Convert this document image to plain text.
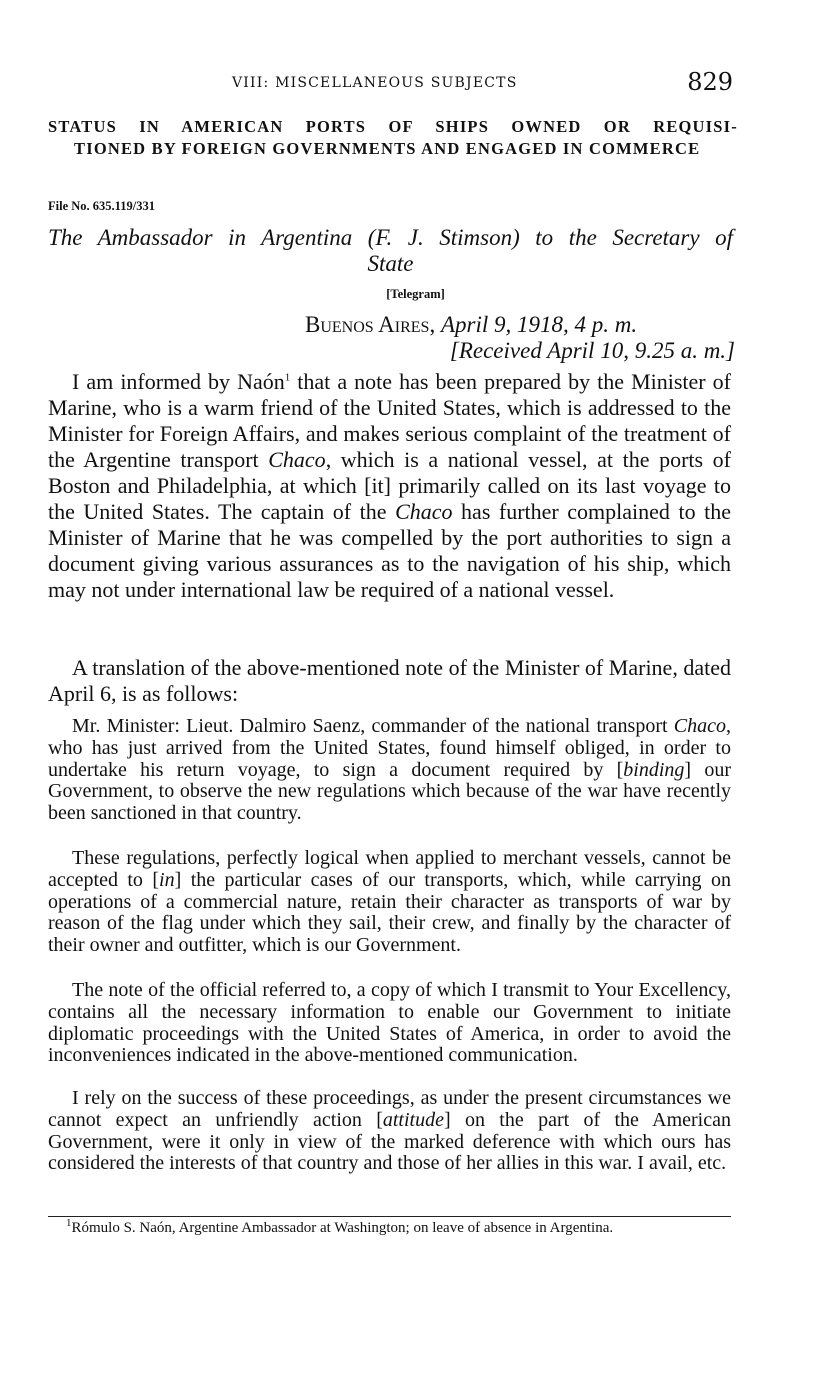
VIII: MISCELLANEOUS SUBJECTS	829
STATUS IN AMERICAN PORTS OF SHIPS OWNED OR REQUISI-
TIONED BY FOREIGN GOVERNMENTS AND ENGAGED IN COMMERCE
File No. 635.119/331
The Ambassador in Argentina (F. J. Stimson) to the Secretary of
State
[Telegram]
Buenos Aires, April 9, 1918, 4 p. m.
[Received April 10, 9.25 a. m.]

I am informed by Naón$^1$ that a note has been prepared by the Minister of Marine, who is a warm friend of the United States, which is addressed to the Minister for Foreign Affairs, and makes serious complaint of the treatment of the Argentine transport Chaco, which is a national vessel, at the ports of Boston and Philadelphia, at which [it] primarily called on its last voyage to the United States. The captain of the Chaco has further complained to the Minister of Marine that he was compelled by the port authorities to sign a document giving various assurances as to the navigation of his ship, which may not under international law be required of a national vessel.

A translation of the above-mentioned note of the Minister of Marine, dated April 6, is as follows:

Mr. Minister: Lieut. Dalmiro Saenz, commander of the national transport Chaco, who has just arrived from the United States, found himself obliged, in order to undertake his return voyage, to sign a document required by [binding] our Government, to observe the new regulations which because of the war have recently been sanctioned in that country.

These regulations, perfectly logical when applied to merchant vessels, cannot be accepted to [in] the particular cases of our transports, which, while carrying on operations of a commercial nature, retain their character as transports of war by reason of the flag under which they sail, their crew, and finally by the character of their owner and outfitter, which is our Government.

The note of the official referred to, a copy of which I transmit to Your Excellency, contains all the necessary information to enable our Government to initiate diplomatic proceedings with the United States of America, in order to avoid the inconveniences indicated in the above-mentioned communication.

I rely on the success of these proceedings, as under the present circumstances we cannot expect an unfriendly action [attitude] on the part of the American Government, were it only in view of the marked deference with which ours has considered the interests of that country and those of her allies in this war. I avail, etc.

$^1$Rómulo S. Naón, Argentine Ambassador at Washington; on leave of absence in Argentina.
